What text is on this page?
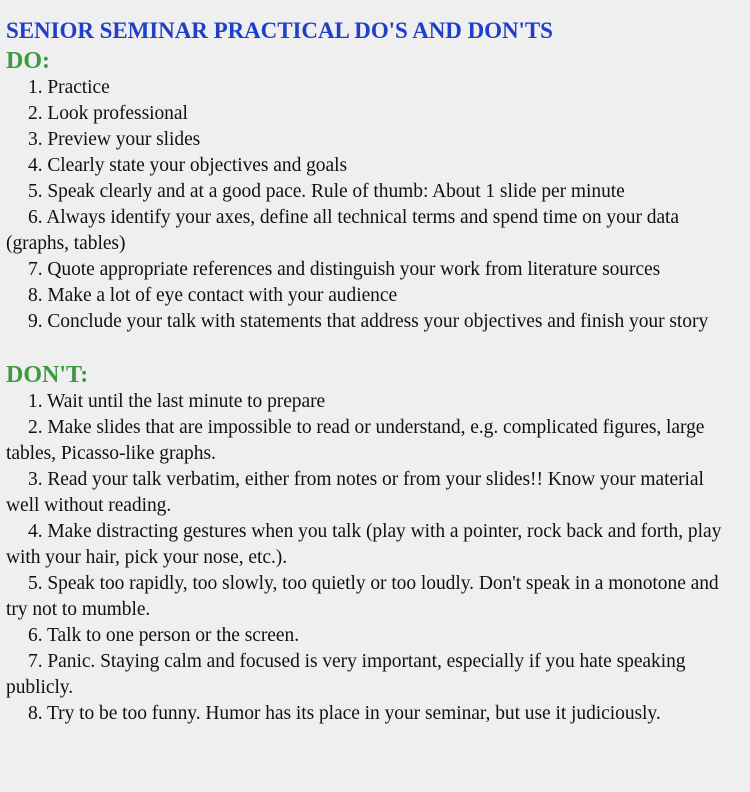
SENIOR SEMINAR PRACTICAL DO'S AND DON'TS
DO:
1. Practice
2. Look professional
3. Preview your slides
4. Clearly state your objectives and goals
5. Speak clearly and at a good pace. Rule of thumb: About 1 slide per minute
6. Always identify your axes, define all technical terms and spend time on your data (graphs, tables)
7. Quote appropriate references and distinguish your work from literature sources
8. Make a lot of eye contact with your audience
9. Conclude your talk with statements that address your objectives and finish your story
DON'T:
1. Wait until the last minute to prepare
2. Make slides that are impossible to read or understand, e.g. complicated figures, large tables, Picasso-like graphs.
3. Read your talk verbatim, either from notes or from your slides!! Know your material well without reading.
4. Make distracting gestures when you talk (play with a pointer, rock back and forth, play with your hair, pick your nose, etc.).
5. Speak too rapidly, too slowly, too quietly or too loudly. Don't speak in a monotone and try not to mumble.
6. Talk to one person or the screen.
7. Panic. Staying calm and focused is very important, especially if you hate speaking publicly.
8. Try to be too funny. Humor has its place in your seminar, but use it judiciously.
